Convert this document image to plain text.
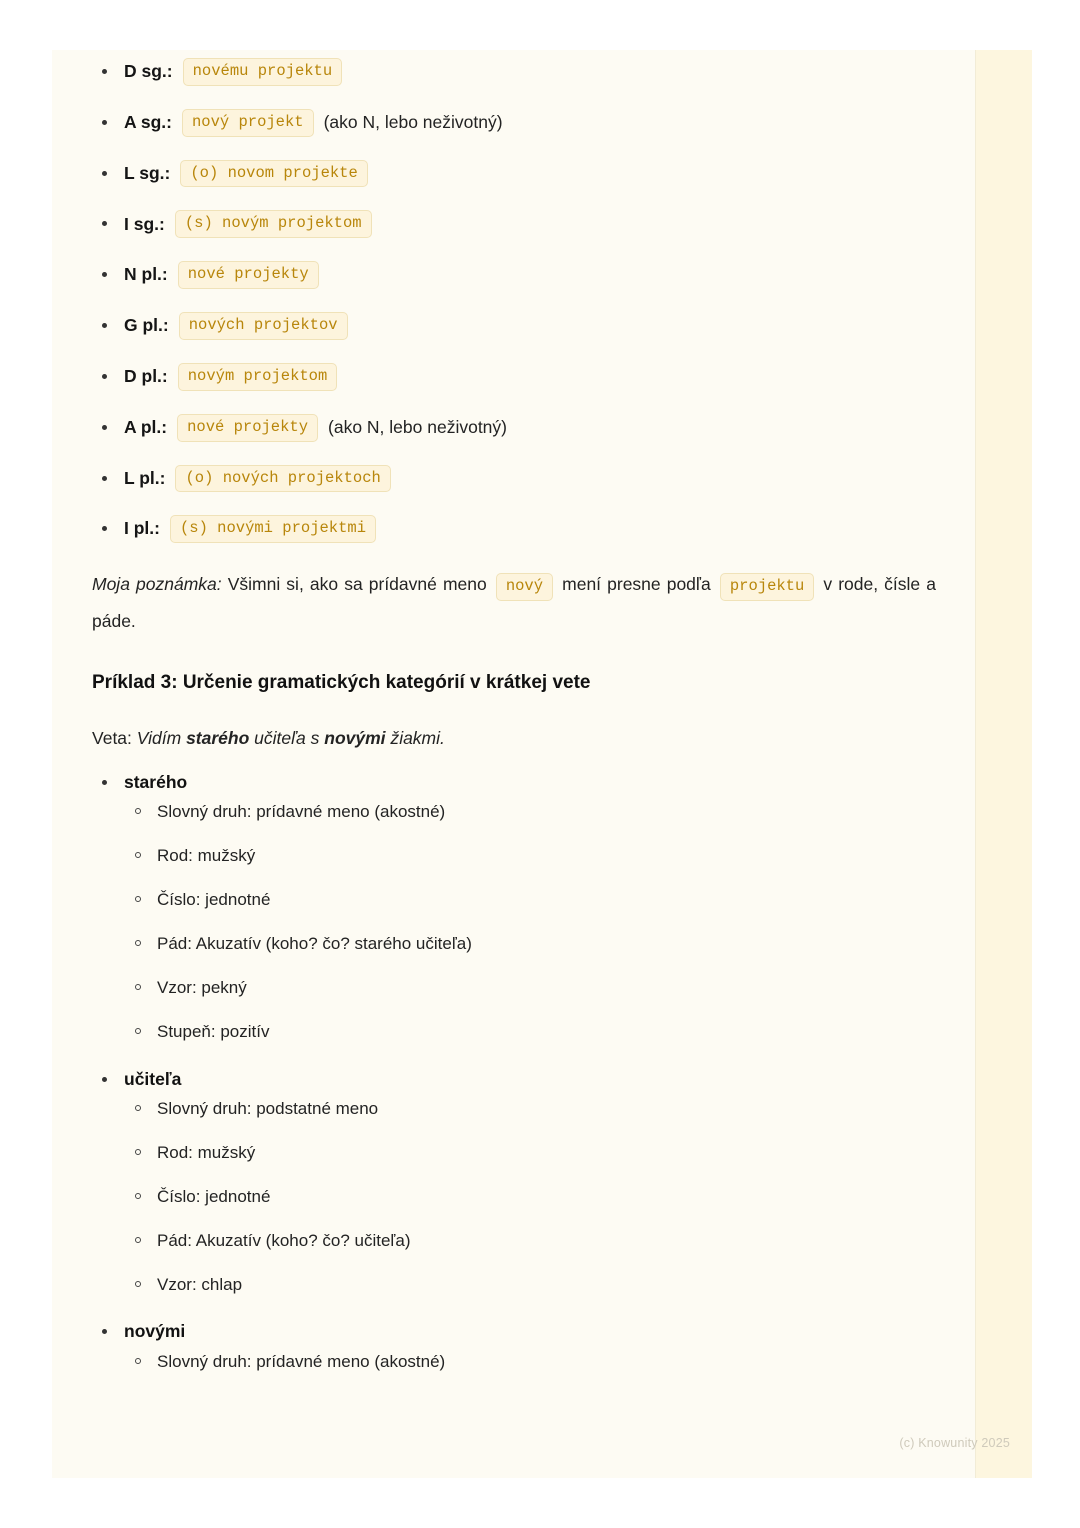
D sg.:	novému projektu
A sg.:	nový projekt	(ako N, lebo neživotný)
L sg.:	(o) novom projekte
I sg.:	(s) novým projektom
N pl.:	nové projekty
G pl.:	nových projektov
D pl.:	novým projektom
A pl.:	nové projekty	(ako N, lebo neživotný)
L pl.:	(o) nových projektoch
I pl.:	(s) novými projektmi

Moja poznámka: Všimni si, ako sa prídavné meno nový mení presne podľa projektu v rode, čísle a páde.

Príklad 3: Určenie gramatických kategórií v krátkej vete

Veta: Vidím starého učiteľa s novými žiakmi.

starého
Slovný druh: prídavné meno (akostné)
Rod: mužský
Číslo: jednotné
Pád: Akuzatív (koho? čo? starého učiteľa)
Vzor: pekný
Stupeň: pozitív
učiteľa
Slovný druh: podstatné meno
Rod: mužský
Číslo: jednotné
Pád: Akuzatív (koho? čo? učiteľa)
Vzor: chlap
novými
Slovný druh: prídavné meno (akostné)
(c) Knowunity 2025
